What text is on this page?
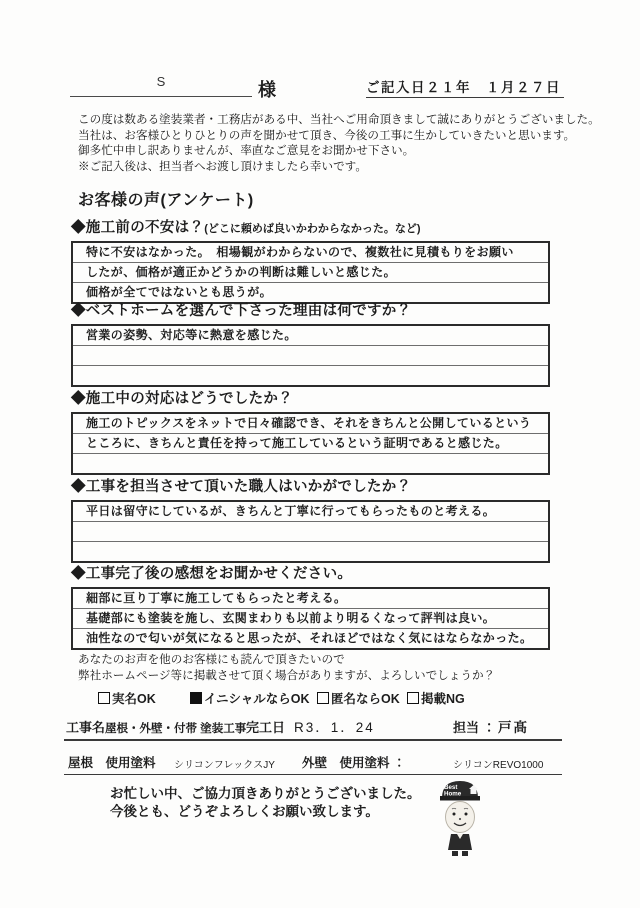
S	様	ご記入日２１年　１月２７日
この度は数ある塗装業者・工務店がある中、当社へご用命頂きまして誠にありがとうございました。
当社は、お客様ひとりひとりの声を聞かせて頂き、今後の工事に生かしていきたいと思います。
御多忙中申し訳ありませんが、率直なご意見をお聞かせ下さい。
※ご記入後は、担当者へお渡し頂けましたら幸いです。
お客様の声(アンケート)
◆施工前の不安は？(どこに頼めば良いかわからなかった。など)
特に不安はなかった。　相場観がわからないので、複数社に見積もりをお願い
したが、価格が適正かどうかの判断は難しいと感じた。
価格が全てではないとも思うが。
◆ベストホームを選んで下さった理由は何ですか？
営業の姿勢、対応等に熱意を感じた。
◆施工中の対応はどうでしたか？
施工のトピックスをネットで日々確認でき、それをきちんと公開しているという
ところに、きちんと責任を持って施工しているという証明であると感じた。
◆工事を担当させて頂いた職人はいかがでしたか？
平日は留守にしているが、きちんと丁寧に行ってもらったものと考える。
◆工事完了後の感想をお聞かせください。
細部に亘り丁寧に施工してもらったと考える。
基礎部にも塗装を施し、玄関まわりも以前より明るくなって評判は良い。
油性なので匂いが気になると思ったが、それほどではなく気にはならなかった。
あなたのお声を他のお客様にも読んで頂きたいので
弊社ホームページ等に掲載させて頂く場合がありますが、よろしいでしょうか？
実名OK	イニシャルならOK 匿名ならOK 掲載NG
工事名：
屋根・外壁・付帯 塗装工事 完工日 R3．1．24	担当 ： 戸髙
屋根　使用塗料 シリコンフレックスJY 外壁　使用塗料 ：	シリコンREVO1000
お忙しい中、ご協力頂きありがとうございました。
今後とも、どうぞよろしくお願い致します。
Best
Home
